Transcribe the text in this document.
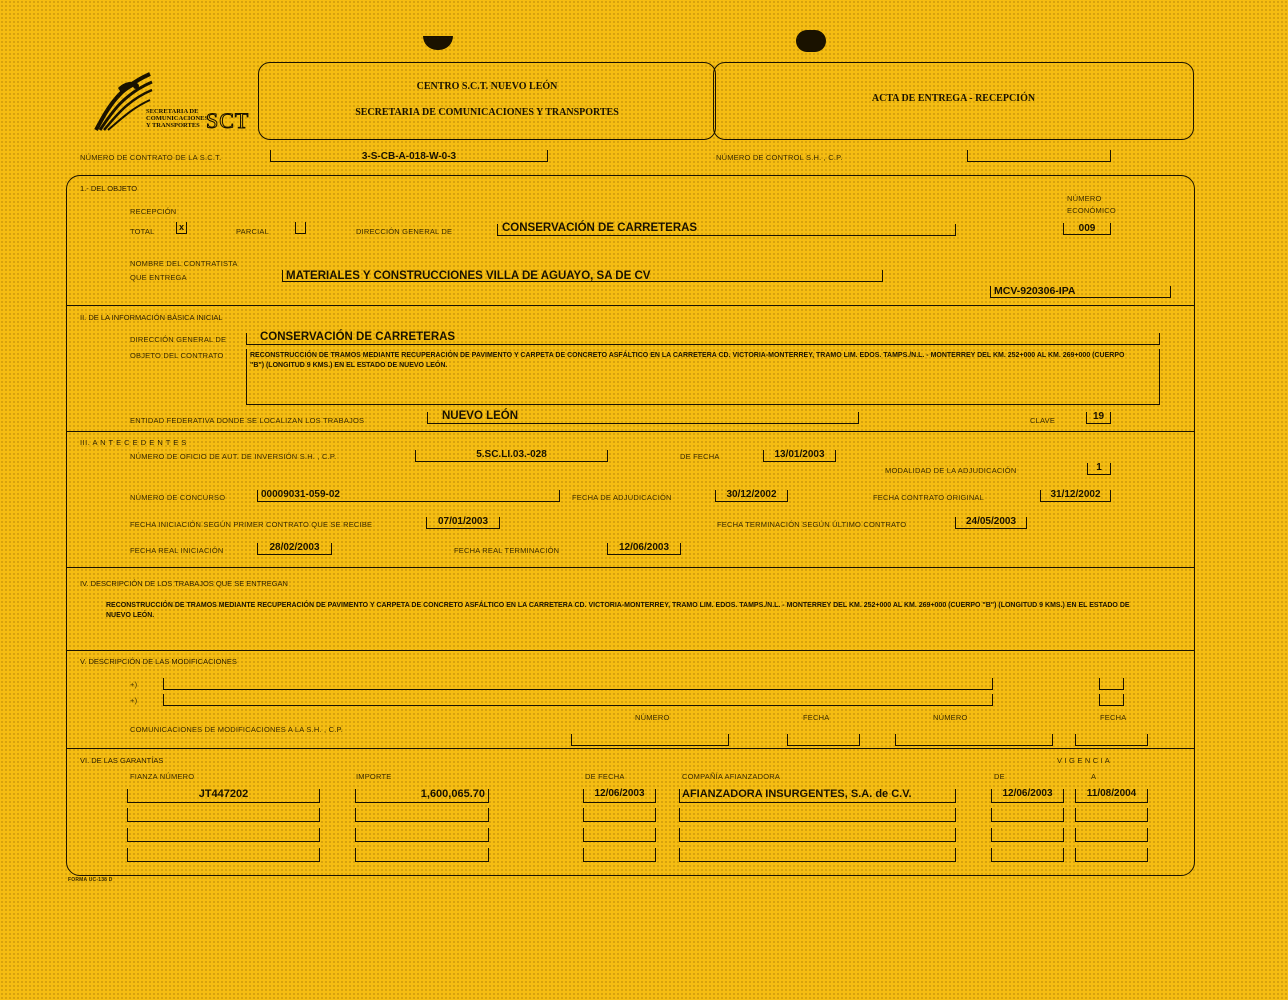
SECRETARIA DE
COMUNICACIONES
Y TRANSPORTES SCT
CENTRO S.C.T. NUEVO LEÓN
SECRETARIA DE COMUNICACIONES Y TRANSPORTES
ACTA DE ENTREGA - RECEPCIÓN
NÚMERO DE CONTRATO DE LA S.C.T.	3-S-CB-A-018-W-0-3	NÚMERO DE CONTROL S.H. , C.P.
1.- DEL OBJETO
RECEPCIÓN
TOTAL	x	PARCIAL	DIRECCIÓN GENERAL DE	CONSERVACIÓN DE CARRETERAS
NÚMERO
ECONÓMICO
009
NOMBRE DEL CONTRATISTA
QUE ENTREGA	MATERIALES Y CONSTRUCCIONES VILLA DE AGUAYO, SA DE CV
MCV-920306-IPA
II. DE LA INFORMACIÓN BÁSICA INICIAL
DIRECCIÓN GENERAL DE	CONSERVACIÓN DE CARRETERAS
OBJETO DEL CONTRATO	RECONSTRUCCIÓN DE TRAMOS MEDIANTE RECUPERACIÓN DE PAVIMENTO Y CARPETA DE CONCRETO ASFÁLTICO EN LA CARRETERA CD. VICTORIA-MONTERREY, TRAMO LIM. EDOS. TAMPS./N.L. - MONTERREY DEL KM. 252+000 AL KM. 269+000 (CUERPO "B") (LONGITUD 9 KMS.) EN EL ESTADO DE NUEVO LEÓN.
ENTIDAD FEDERATIVA DONDE SE LOCALIZAN LOS TRABAJOS	NUEVO LEÓN	CLAVE	19
III. A N T E C E D E N T E S
NÚMERO DE OFICIO DE AUT. DE INVERSIÓN S.H. , C.P.	5.SC.LI.03.-028	DE FECHA	13/01/2003
MODALIDAD DE LA ADJUDICACIÓN	1
NÚMERO DE CONCURSO	00009031-059-02	FECHA DE ADJUDICACIÓN	30/12/2002	FECHA CONTRATO ORIGINAL	31/12/2002
FECHA INICIACIÓN SEGÚN PRIMER CONTRATO QUE SE RECIBE	07/01/2003	FECHA TERMINACIÓN SEGÚN ÚLTIMO CONTRATO	24/05/2003
FECHA REAL INICIACIÓN	28/02/2003	FECHA REAL TERMINACIÓN	12/06/2003
IV. DESCRIPCIÓN DE LOS TRABAJOS QUE SE ENTREGAN
RECONSTRUCCIÓN DE TRAMOS MEDIANTE RECUPERACIÓN DE PAVIMENTO Y CARPETA DE CONCRETO ASFÁLTICO EN LA CARRETERA CD. VICTORIA-MONTERREY, TRAMO LIM. EDOS. TAMPS./N.L. - MONTERREY DEL KM. 252+000 AL KM. 269+000 (CUERPO "B") (LONGITUD 9 KMS.) EN EL ESTADO DE NUEVO LEÓN.
V. DESCRIPCIÓN DE LAS MODIFICACIONES
+)
+)
NÚMERO	FECHA	NÚMERO	FECHA
COMUNICACIONES DE MODIFICACIONES A LA S.H. , C.P.
VI. DE LAS GARANTÍAS
FIANZA NÚMERO	IMPORTE	DE FECHA	COMPAÑÍA AFIANZADORA
V I G E N C I A
DE	A
JT447202	1,600,065.70	12/06/2003	AFIANZADORA INSURGENTES, S.A. de C.V.	12/06/2003	11/08/2004
FORMA UC-138 D
